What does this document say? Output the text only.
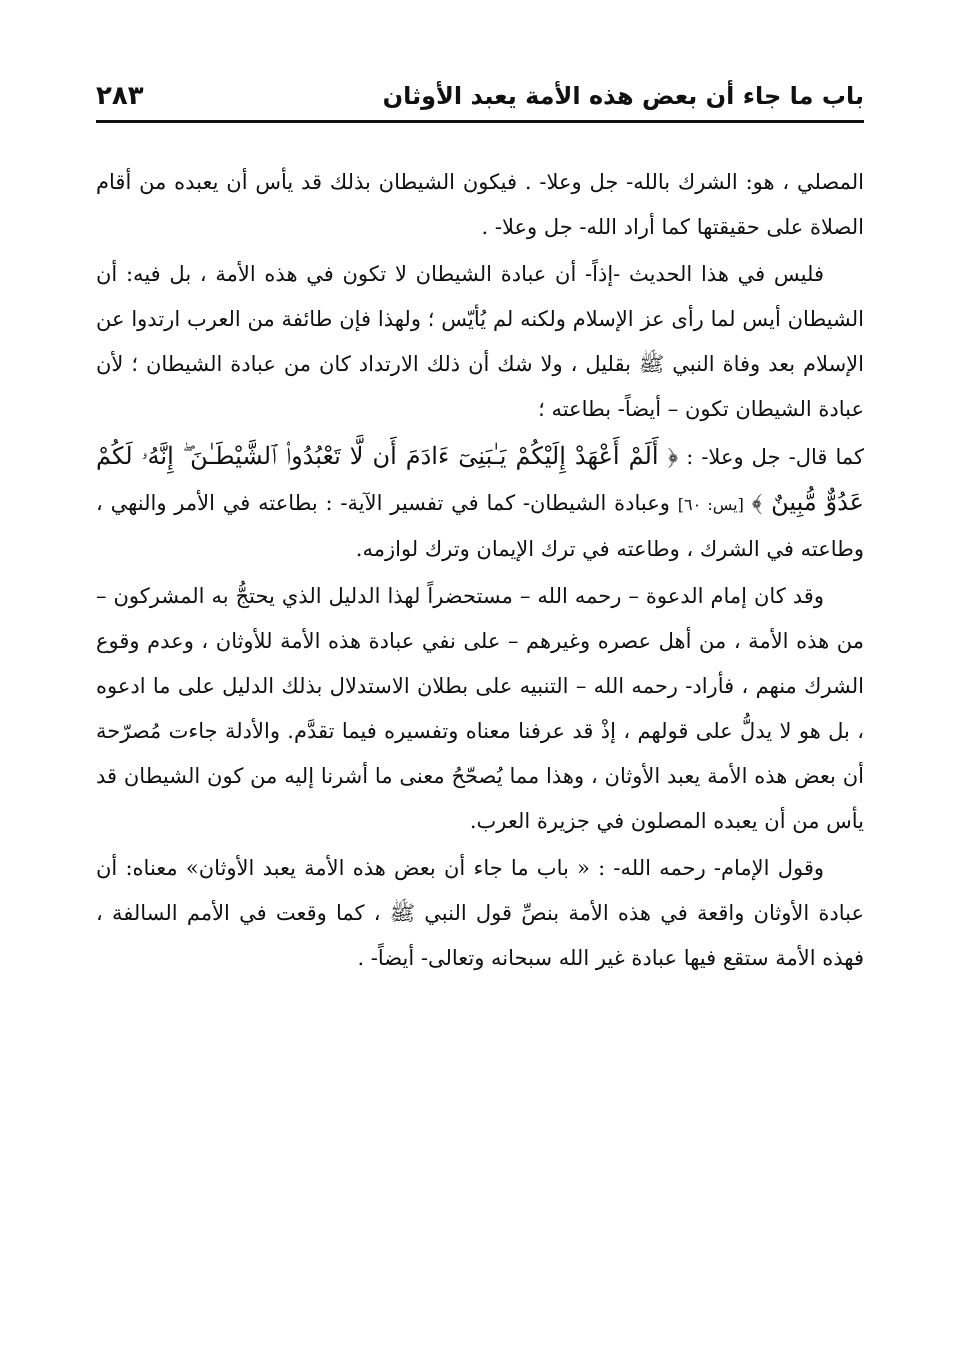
باب ما جاء أن بعض هذه الأمة يعبد الأوثان
٢٨٣

المصلي ، هو: الشرك بالله- جل وعلا- . فيكون الشيطان بذلك قد يأس أن يعبده من أقام الصلاة على حقيقتها كما أراد الله- جل وعلا- .

فليس في هذا الحديث -إذاً- أن عبادة الشيطان لا تكون في هذه الأمة ، بل فيه: أن الشيطان أيس لما رأى عز الإسلام ولكنه لم يُأيّس ؛ ولهذا فإن طائفة من العرب ارتدوا عن الإسلام بعد وفاة النبي ﷺ بقليل ، ولا شك أن ذلك الارتداد كان من عبادة الشيطان ؛ لأن عبادة الشيطان تكون – أيضاً- بطاعته ؛

كما قال- جل وعلا- : ﴿ أَلَمْ أَعْهَدْ إِلَيْكُمْ يَـٰبَنِىٓ ءَادَمَ أَن لَّا تَعْبُدُوا۟ ٱلشَّيْطَـٰنَ ۖ إِنَّهُۥ لَكُمْ عَدُوٌّ مُّبِينٌ ﴾ [يس: ٦٠] وعبادة الشيطان- كما في تفسير الآية- : بطاعته في الأمر والنهي ، وطاعته في الشرك ، وطاعته في ترك الإيمان وترك لوازمه.

وقد كان إمام الدعوة – رحمه الله – مستحضراً لهذا الدليل الذي يحتجُّ به المشركون – من هذه الأمة ، من أهل عصره وغيرهم – على نفي عبادة هذه الأمة للأوثان ، وعدم وقوع الشرك منهم ، فأراد- رحمه الله – التنبيه على بطلان الاستدلال بذلك الدليل على ما ادعوه ، بل هو لا يدلُّ على قولهم ، إذْ قد عرفنا معناه وتفسيره فيما تقدَّم. والأدلة جاءت مُصرّحة أن بعض هذه الأمة يعبد الأوثان ، وهذا مما يُصحّحُ معنى ما أشرنا إليه من كون الشيطان قد يأس من أن يعبده المصلون في جزيرة العرب.

وقول الإمام- رحمه الله- : « باب ما جاء أن بعض هذه الأمة يعبد الأوثان» معناه: أن عبادة الأوثان واقعة في هذه الأمة بنصِّ قول النبي ﷺ ، كما وقعت في الأمم السالفة ، فهذه الأمة ستقع فيها عبادة غير الله سبحانه وتعالى- أيضاً- .
